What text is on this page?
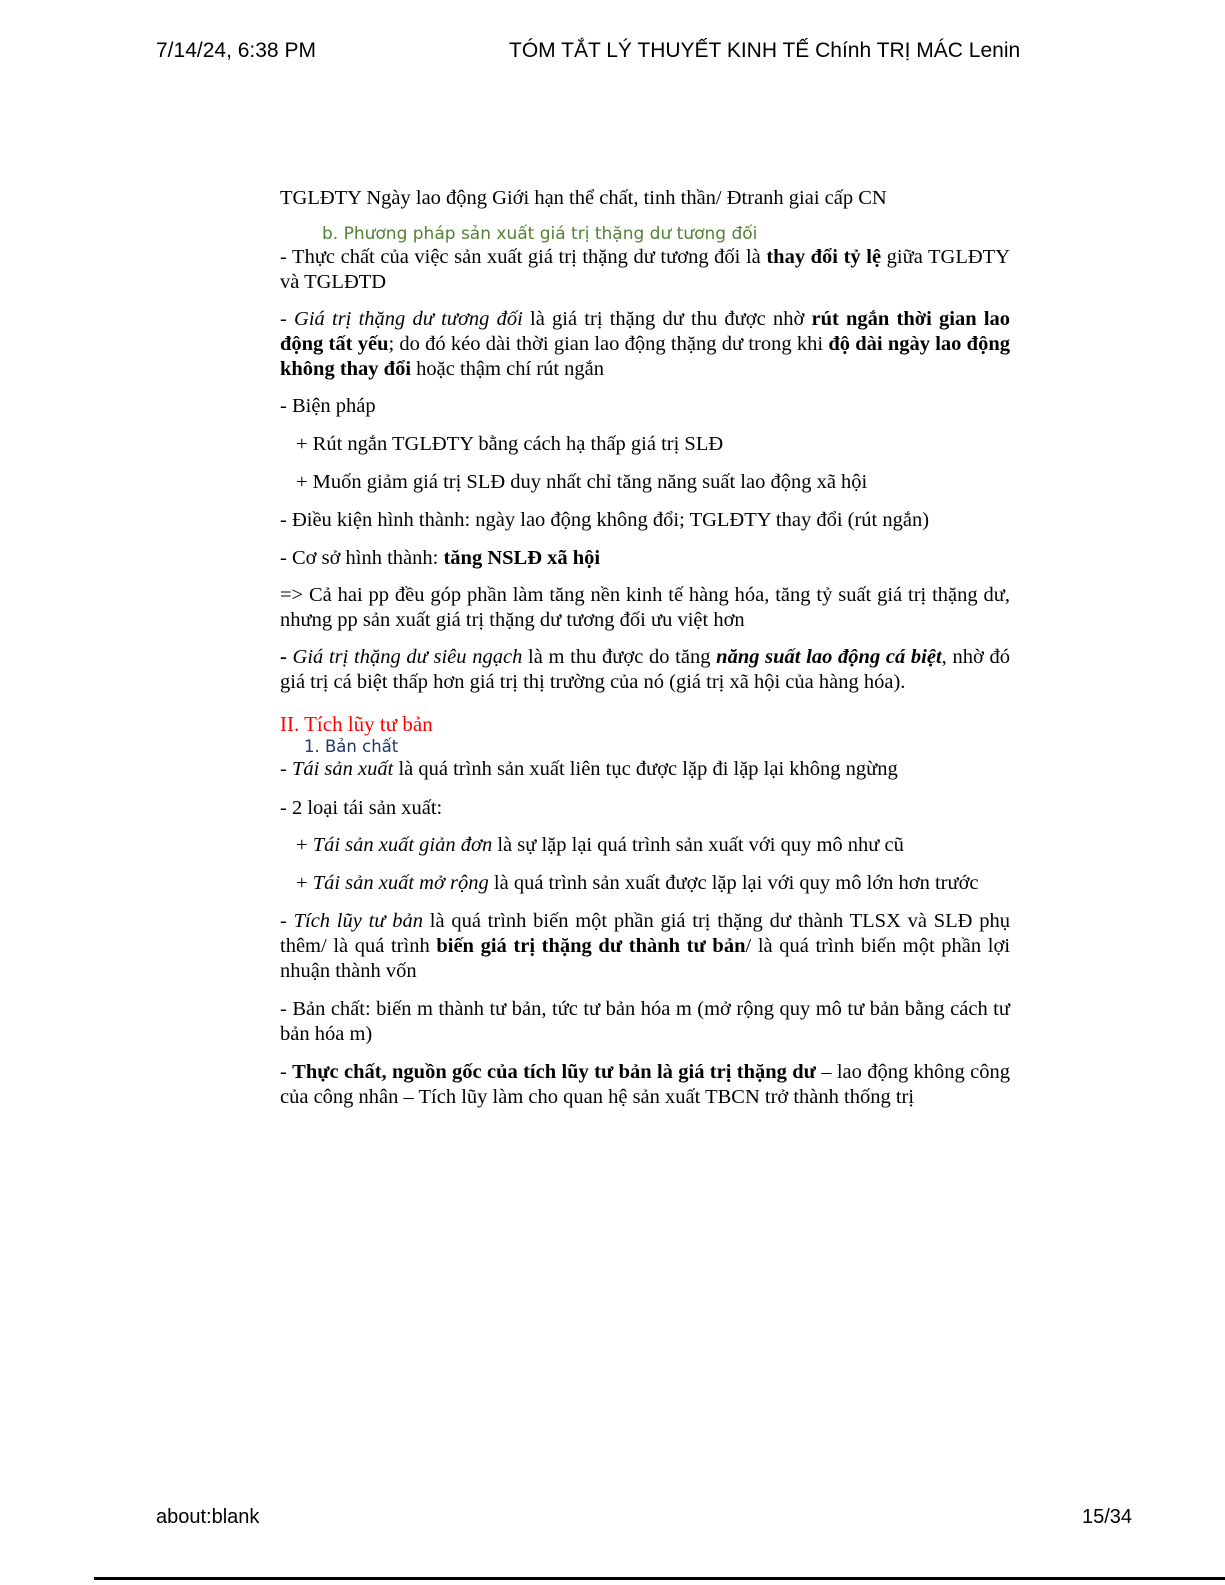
7/14/24, 6:38 PM	TÓM TẮT LÝ THUYẾT KINH TẾ Chính TRỊ MÁC Lenin

TGLĐTY Ngày lao động Giới hạn thể chất, tinh thần/ Đtranh giai cấp CN

b. Phương pháp sản xuất giá trị thặng dư tương đối

- Thực chất của việc sản xuất giá trị thặng dư tương đối là thay đổi tỷ lệ giữa TGLĐTY và TGLĐTD

- Giá trị thặng dư tương đối là giá trị thặng dư thu được nhờ rút ngắn thời gian lao động tất yếu; do đó kéo dài thời gian lao động thặng dư trong khi độ dài ngày lao động không thay đổi hoặc thậm chí rút ngắn

- Biện pháp

+ Rút ngắn TGLĐTY bằng cách hạ thấp giá trị SLĐ

+ Muốn giảm giá trị SLĐ duy nhất chỉ tăng năng suất lao động xã hội

- Điều kiện hình thành: ngày lao động không đổi; TGLĐTY thay đổi (rút ngắn)

- Cơ sở hình thành: tăng NSLĐ xã hội

=> Cả hai pp đều góp phần làm tăng nền kinh tế hàng hóa, tăng tỷ suất giá trị thặng dư, nhưng pp sản xuất giá trị thặng dư tương đối ưu việt hơn

- Giá trị thặng dư siêu ngạch là m thu được do tăng năng suất lao động cá biệt, nhờ đó giá trị cá biệt thấp hơn giá trị thị trường của nó (giá trị xã hội của hàng hóa).

II. Tích lũy tư bản

1. Bản chất

- Tái sản xuất là quá trình sản xuất liên tục được lặp đi lặp lại không ngừng

- 2 loại tái sản xuất:

+ Tái sản xuất giản đơn là sự lặp lại quá trình sản xuất với quy mô như cũ

+ Tái sản xuất mở rộng là quá trình sản xuất được lặp lại với quy mô lớn hơn trước

- Tích lũy tư bản là quá trình biến một phần giá trị thặng dư thành TLSX và SLĐ phụ thêm/ là quá trình biến giá trị thặng dư thành tư bản/ là quá trình biến một phần lợi nhuận thành vốn

- Bản chất: biến m thành tư bản, tức tư bản hóa m (mở rộng quy mô tư bản bằng cách tư bản hóa m)

- Thực chất, nguồn gốc của tích lũy tư bản là giá trị thặng dư – lao động không công của công nhân – Tích lũy làm cho quan hệ sản xuất TBCN trở thành thống trị

about:blank	15/34
